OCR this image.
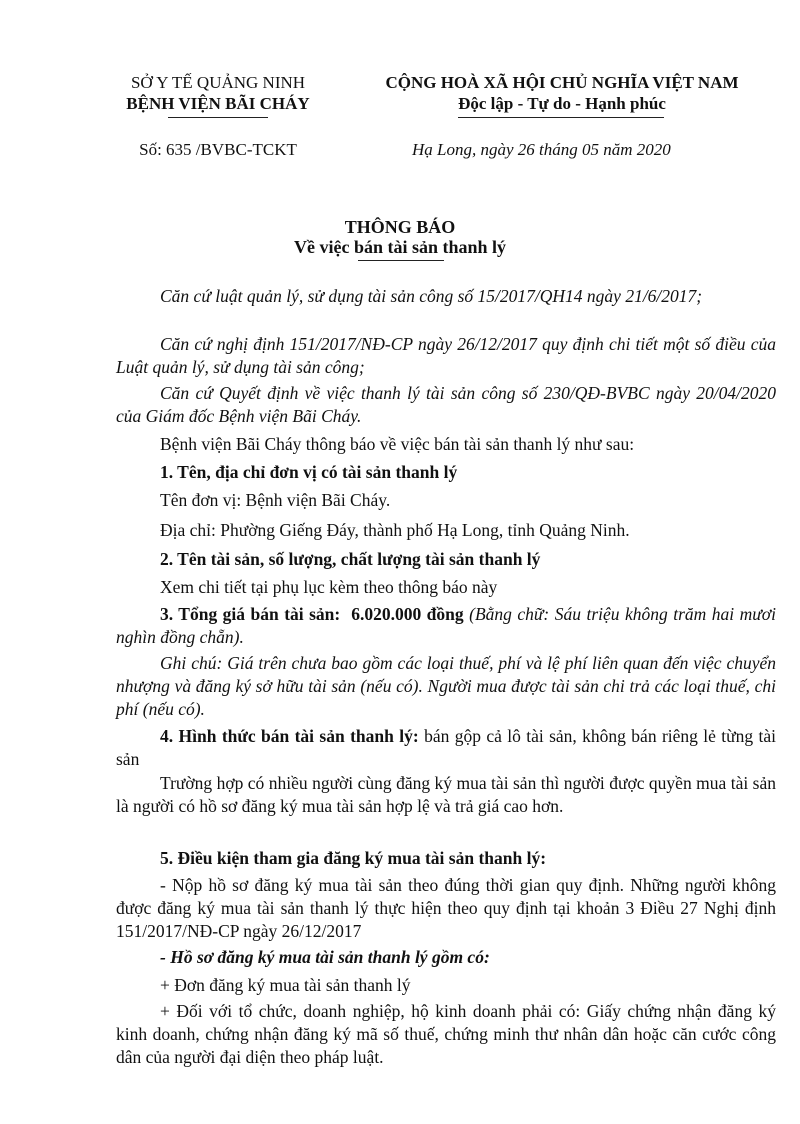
SỞ Y TẾ QUẢNG NINH
BỆNH VIỆN BÃI CHÁY
Số: 635 /BVBC-TCKT
CỘNG HOÀ XÃ HỘI CHỦ NGHĨA VIỆT NAM
Độc lập - Tự do - Hạnh phúc
Hạ Long, ngày 26 tháng 05 năm 2020
THÔNG BÁO
Về việc bán tài sản thanh lý
Căn cứ luật quản lý, sử dụng tài sản công số 15/2017/QH14 ngày 21/6/2017;
Căn cứ nghị định 151/2017/NĐ-CP ngày 26/12/2017 quy định chi tiết một số điều của Luật quản lý, sử dụng tài sản công;
Căn cứ Quyết định về việc thanh lý tài sản công số 230/QĐ-BVBC ngày 20/04/2020 của Giám đốc Bệnh viện Bãi Cháy.
Bệnh viện Bãi Cháy thông báo về việc bán tài sản thanh lý như sau:
1. Tên, địa chỉ đơn vị có tài sản thanh lý
Tên đơn vị: Bệnh viện Bãi Cháy.
Địa chỉ: Phường Giếng Đáy, thành phố Hạ Long, tỉnh Quảng Ninh.
2. Tên tài sản, số lượng, chất lượng tài sản thanh lý
Xem chi tiết tại phụ lục kèm theo thông báo này
3. Tổng giá bán tài sản: 6.020.000 đồng (Bằng chữ: Sáu triệu không trăm hai mươi nghìn đồng chẵn).
Ghi chú: Giá trên chưa bao gồm các loại thuế, phí và lệ phí liên quan đến việc chuyển nhượng và đăng ký sở hữu tài sản (nếu có). Người mua được tài sản chi trả các loại thuế, chi phí (nếu có).
4. Hình thức bán tài sản thanh lý: bán gộp cả lô tài sản, không bán riêng lẻ từng tài sản
Trường hợp có nhiều người cùng đăng ký mua tài sản thì người được quyền mua tài sản là người có hồ sơ đăng ký mua tài sản hợp lệ và trả giá cao hơn.
5. Điều kiện tham gia đăng ký mua tài sản thanh lý:
- Nộp hồ sơ đăng ký mua tài sản theo đúng thời gian quy định. Những người không được đăng ký mua tài sản thanh lý thực hiện theo quy định tại khoản 3 Điều 27 Nghị định 151/2017/NĐ-CP ngày 26/12/2017
- Hồ sơ đăng ký mua tài sản thanh lý gồm có:
+ Đơn đăng ký mua tài sản thanh lý
+ Đối với tổ chức, doanh nghiệp, hộ kinh doanh phải có: Giấy chứng nhận đăng ký kinh doanh, chứng nhận đăng ký mã số thuế, chứng minh thư nhân dân hoặc căn cước công dân của người đại diện theo pháp luật.
